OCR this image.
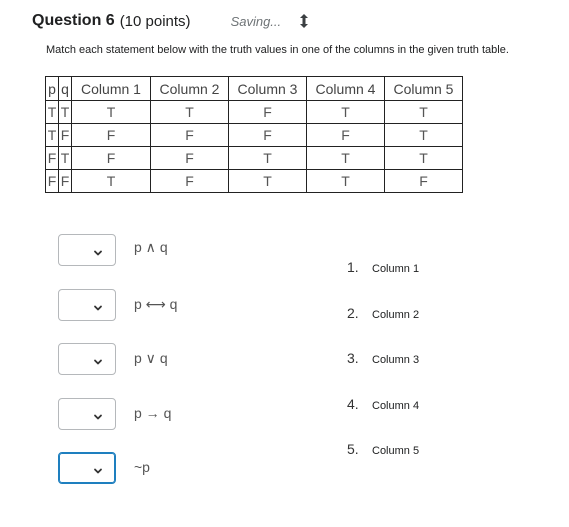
Question 6 (10 points)	Saving...
Match each statement below with the truth values in one of the columns in the given truth table.
p	q	Column 1	Column 2	Column 3	Column 4	Column 5
T	T	T	T	F	T	T
T	F	F	F	F	F	T
F	T	F	F	T	T	T
F	F	T	F	T	T	F
p ∧ q
p ⟷ q
p ∨ q
p → q
~p
1.	Column 1
2.	Column 2
3.	Column 3
4.	Column 4
5.	Column 5
